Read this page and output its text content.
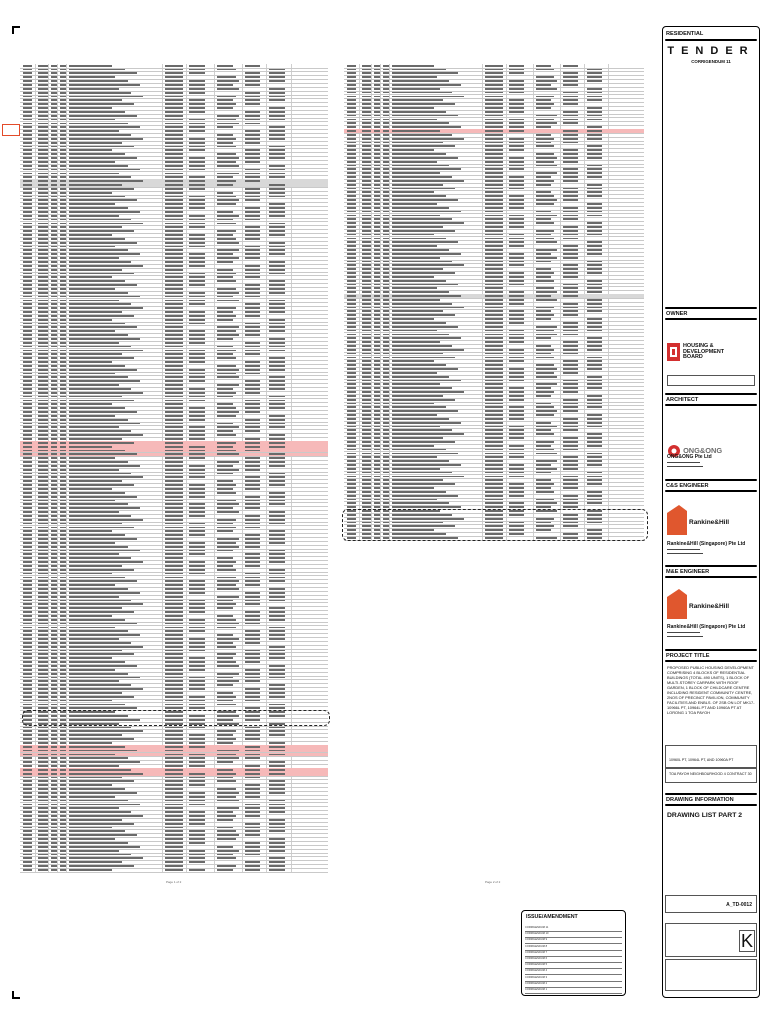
Page 1 of 2	Page 2 of 2
RESIDENTIAL
TENDER
CORRIGENDUM 11
OWNER
HOUSING & DEVELOPMENT BOARD
ARCHITECT
ONG&ONG
ONG&ONG Pte Ltd
▬▬▬▬▬▬▬▬▬▬▬
▬▬▬▬▬▬▬▬▬▬▬▬
C&S ENGINEER
Rankine&Hill
Rankine&Hill (Singapore) Pte Ltd
▬▬▬▬▬▬▬▬▬▬▬
▬▬▬▬▬▬▬▬▬▬▬▬
M&E ENGINEER
Rankine&Hill
Rankine&Hill (Singapore) Pte Ltd
▬▬▬▬▬▬▬▬▬▬▬
▬▬▬▬▬▬▬▬▬▬▬▬
PROJECT TITLE
PROPOSED PUBLIC HOUSING DEVELOPMENT COMPRISING 4 BLOCKS OF RESIDENTIAL BUILDINGS (TOTAL 490 UNITS), 1 BLOCK OF MULTI-STOREY CARPARK WITH ROOF GARDEN, 1 BLOCK OF CHILDCARE CENTRE INCLUDING RESIDENT COMMUNITY CENTRE, 2NOS OF PRECINCT PAVILION, COMMUNITY FACILITIES AND ENBLS. OF 2SB ON LOT MK17-10966L PT, 10964L PT AND 10960A PT AT LORONG 1 TOA PAYOH
10960L PT, 10964L PT, AND 10960A PT
TOA PAYOH NEIGHBOURHOOD 4 CONTRACT 30
DRAWING INFORMATION
DRAWING LIST PART 2
A_TD-0012
K
ISSUE/AMENDMENT
CORRIGENDUM 11
CORRIGENDUM 10
CORRIGENDUM 9
CORRIGENDUM 8
CORRIGENDUM 7
CORRIGENDUM 6
CORRIGENDUM 5
CORRIGENDUM 4
CORRIGENDUM 3
CORRIGENDUM 2
CORRIGENDUM 1
